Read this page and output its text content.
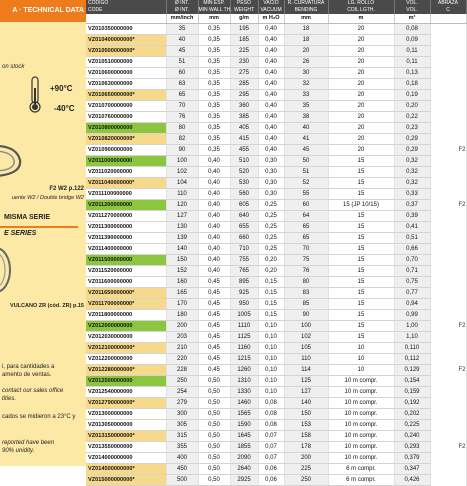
A · TECHNICAL DATA
on stock
+90°C
-40°C
F2 W2 p.122
uente W2 / Double bridge W2
MISMA SERIE
E SERIES
VULCANO ZR (cód. ZR) p.15
i, para cantidades a
amento de ventas.
contact our sales office
tities.
cados se midieron a 23°C y
reported have been
90% unidity.
CÓDIGO	Ø INT.	MIN ESP.	PESO	VACÍO	R. CURVATURA	LG. ROLLO	VOL.	ABRAZA
CODE	Ø INT.	MIN WALL TH.	WEIGHT	VACUUM	BENDING	COIL LGTH.	VOL.	C
	mm/inch	mm	g/m	m H₂O	mm	m	m³	
VZ010350000000	35	0,35	195	0,40	18	20	0,08	
VZ010400000000*	40	0,35	185	0,40	18	20	0,09	
VZ010500000000*	45	0,35	225	0,40	20	20	0,11	
VZ010510000000	51	0,35	230	0,40	26	20	0,11	
VZ010600000000	60	0,35	275	0,40	30	20	0,13	
VZ010630000000	63	0,35	285	0,40	32	20	0,18	
VZ010650000000*	65	0,35	295	0,40	33	20	0,19	
VZ010700000000	70	0,35	360	0,40	35	20	0,20	
VZ010760000000	76	0,35	385	0,40	38	20	0,22	
VZ010800000000	80	0,35	405	0,40	40	20	0,23	
VZ010820000000*	82	0,35	415	0,40	41	20	0,29	
VZ010900000000	90	0,35	455	0,40	45	20	0,29	F2
VZ011000000000	100	0,40	510	0,30	50	15	0,32	
VZ011020000000	102	0,40	520	0,30	51	15	0,32	
VZ011040000000*	104	0,40	530	0,30	52	15	0,32	
VZ011100000000	110	0,40	560	0,30	55	15	0,33	
VZ011200000000	120	0,40	605	0,25	60	15 (JP 10/15)	0,37	F2
VZ011270000000	127	0,40	640	0,25	64	15	0,39	
VZ011300000000	130	0,40	655	0,25	65	15	0,41	
VZ011390000000	139	0,40	660	0,25	65	15	0,51	
VZ011400000000	140	0,40	710	0,25	70	15	0,66	
VZ011500000000	150	0,40	755	0,20	75	15	0,70	
VZ011520000000	152	0,40	765	0,20	76	15	0,71	
VZ011600000000	160	0,45	895	0,15	80	15	0,75	
VZ011650000000*	165	0,45	925	0,15	83	15	0,77	
VZ011700000000*	170	0,45	950	0,15	85	15	0,94	
VZ011800000000	180	0,45	1005	0,15	90	15	0,99	
VZ012000000000	200	0,45	1110	0,10	100	15	1,00	F2
VZ012030000000	203	0,45	1125	0,10	102	15	1,10	
VZ012100000000*	210	0,45	1160	0,10	105	10	0,110	
VZ012200000000	220	0,45	1215	0,10	110	10	0,112	
VZ012280000000*	228	0,45	1260	0,10	114	10	0,129	F2
VZ012500000000	250	0,50	1310	0,10	125	10 m compr.	0,154	
VZ012540000000	254	0,50	1330	0,10	127	10 m compr.	0,159	
VZ012790000000*	279	0,50	1460	0,08	140	10 m compr.	0,192	
VZ013000000000	300	0,50	1565	0,08	150	10 m compr.	0,202	
VZ013050000000	305	0,50	1590	0,08	153	10 m compr.	0,225	
VZ013150000000*	315	0,50	1645	0,07	158	10 m compr.	0,240	
VZ013550000000	355	0,50	1855	0,07	178	10 m compr.	0,293	F2
VZ014000000000	400	0,50	2090	0,07	200	10 m compr.	0,379	
VZ014500000000*	450	0,50	2640	0,06	225	6 m compr.	0,347	
VZ015000000000*	500	0,50	2925	0,06	250	6 m compr.	0,426	
